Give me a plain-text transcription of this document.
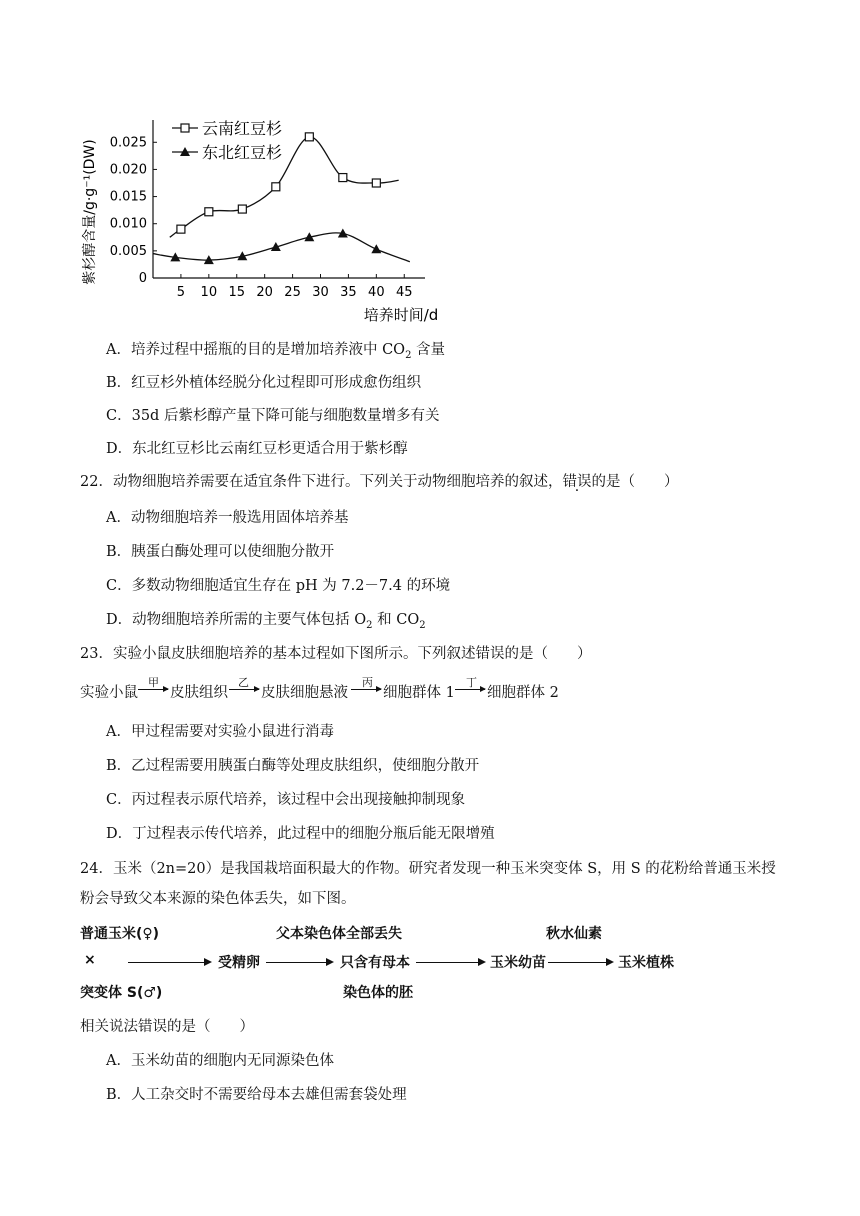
0
0.005
0.010
0.015
0.020
0.025
5 10 15 20 25 30 35 40 45
培养时间/d
紫杉醇含量/g·g⁻¹(DW)
云南红豆杉
东北红豆杉
A．培养过程中摇瓶的目的是增加培养液中 $CO_2$ 含量
B．红豆杉外植体经脱分化过程即可形成愈伤组织
C．35d 后紫杉醇产量下降可能与细胞数量增多有关
D．东北红豆杉比云南红豆杉更适合用于紫杉醇
22．动物细胞培养需要在适宜条件下进行。下列关于动物细胞培养的叙述，错误的是（　　）
A．动物细胞培养一般选用固体培养基
B．胰蛋白酶处理可以使细胞分散开
C．多数动物细胞适宜生存在 pH 为 7.2－7.4 的环境
D．动物细胞培养所需的主要气体包括 $O_2$ 和 $CO_2$
23．实验小鼠皮肤细胞培养的基本过程如下图所示。下列叙述错误的是（　　）
实验小鼠
甲
皮肤组织
乙
皮肤细胞悬液
丙
细胞群体 1
丁
细胞群体 2
A．甲过程需要对实验小鼠进行消毒
B．乙过程需要用胰蛋白酶等处理皮肤组织，使细胞分散开
C．丙过程表示原代培养，该过程中会出现接触抑制现象
D．丁过程表示传代培养，此过程中的细胞分瓶后能无限增殖
24．玉米（2n=20）是我国栽培面积最大的作物。研究者发现一种玉米突变体 S，用 S 的花粉给普通玉米授
粉会导致父本来源的染色体丢失，如下图。
普通玉米(♀)
×
突变体 S(♂)
受精卵
父本染色体全部丢失
只含有母本
染色体的胚
玉米幼苗
秋水仙素
玉米植株
相关说法错误的是（　　）
A．玉米幼苗的细胞内无同源染色体
B．人工杂交时不需要给母本去雄但需套袋处理
